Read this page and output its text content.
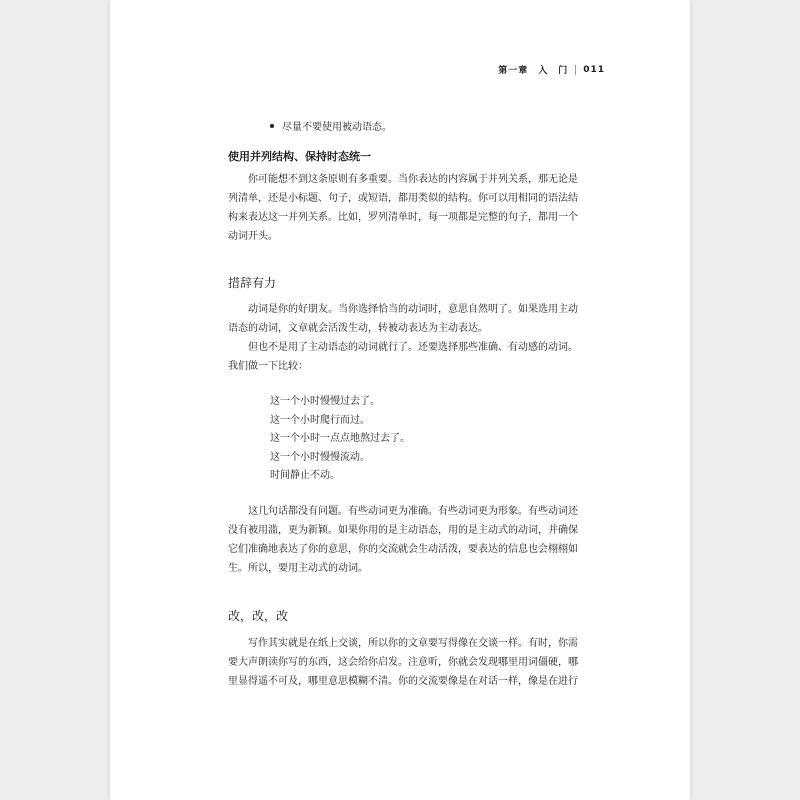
第一章　入　门 011
尽量不要使用被动语态。
使用并列结构、保持时态统一

　　你可能想不到这条原则有多重要。当你表达的内容属于并列关系，那无论是
列清单，还是小标题、句子，或短语，都用类似的结构。你可以用相同的语法结
构来表达这一并列关系。比如，罗列清单时，每一项都是完整的句子，都用一个
动词开头。

措辞有力

　　动词是你的好朋友。当你选择恰当的动词时，意思自然明了。如果选用主动
语态的动词，文章就会活泼生动，转被动表达为主动表达。
　　但也不是用了主动语态的动词就行了。还要选择那些准确、有动感的动词。
我们做一下比较：

这一个小时慢慢过去了。
这一个小时爬行而过。
这一个小时一点点地熬过去了。
这一个小时慢慢流动。
时间静止不动。

　　这几句话都没有问题。有些动词更为准确。有些动词更为形象。有些动词还
没有被用滥，更为新颖。如果你用的是主动语态，用的是主动式的动词，并确保
它们准确地表达了你的意思，你的交流就会生动活泼，要表达的信息也会栩栩如
生。所以，要用主动式的动词。

改，改，改

　　写作其实就是在纸上交谈，所以你的文章要写得像在交谈一样。有时，你需
要大声朗读你写的东西，这会给你启发。注意听，你就会发现哪里用词僵硬，哪
里显得遥不可及，哪里意思模糊不清。你的交流要像是在对话一样，像是在进行
